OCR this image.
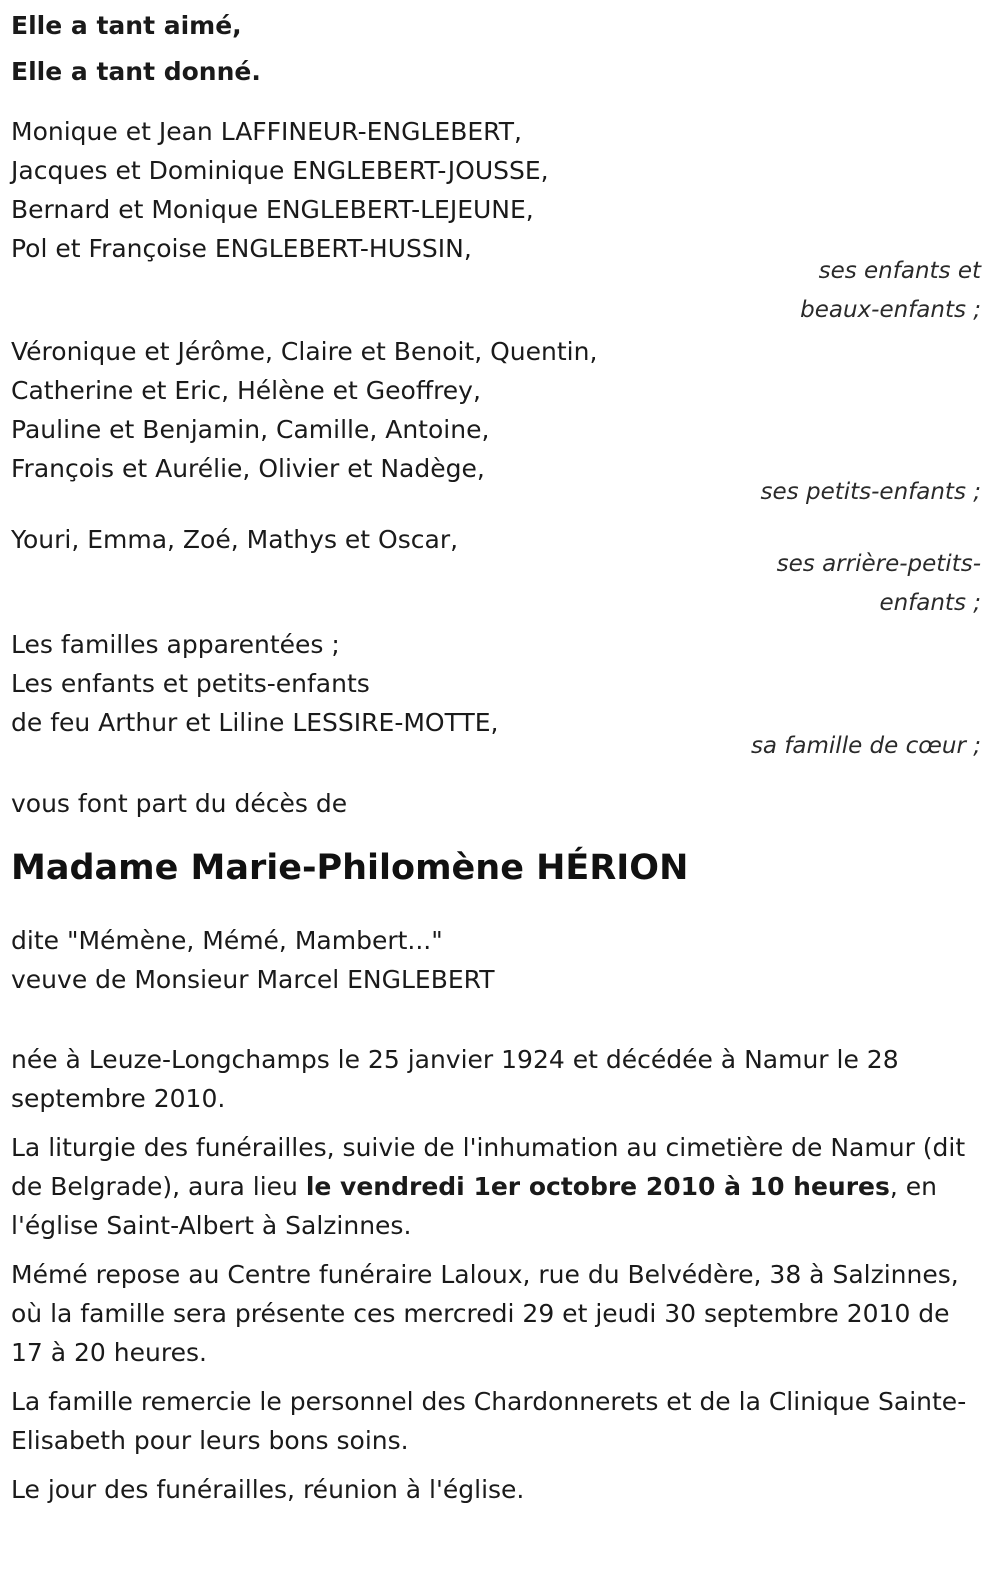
Elle a tant aimé,
Elle a tant donné.
Monique et Jean LAFFINEUR-ENGLEBERT,
Jacques et Dominique ENGLEBERT-JOUSSE,
Bernard et Monique ENGLEBERT-LEJEUNE,
Pol et Françoise ENGLEBERT-HUSSIN,
ses enfants et
beaux-enfants ;
Véronique et Jérôme, Claire et Benoit, Quentin,
Catherine et Eric, Hélène et Geoffrey,
Pauline et Benjamin, Camille, Antoine,
François et Aurélie, Olivier et Nadège,
ses petits-enfants ;
Youri, Emma, Zoé, Mathys et Oscar,
ses arrière-petits-
enfants ;
Les familles apparentées ;
Les enfants et petits-enfants
de feu Arthur et Liline LESSIRE-MOTTE,
sa famille de cœur ;
vous font part du décès de
Madame Marie-Philomène HÉRION
dite "Mémène, Mémé, Mambert..."
veuve de Monsieur Marcel ENGLEBERT
née à Leuze-Longchamps le 25 janvier 1924 et décédée à Namur le 28 septembre 2010.
La liturgie des funérailles, suivie de l'inhumation au cimetière de Namur (dit de Belgrade), aura lieu le vendredi 1er octobre 2010 à 10 heures, en l'église Saint-Albert à Salzinnes.
Mémé repose au Centre funéraire Laloux, rue du Belvédère, 38 à Salzinnes, où la famille sera présente ces mercredi 29 et jeudi 30 septembre 2010 de 17 à 20 heures.
La famille remercie le personnel des Chardonnerets et de la Clinique Sainte-Elisabeth pour leurs bons soins.
Le jour des funérailles, réunion à l'église.
